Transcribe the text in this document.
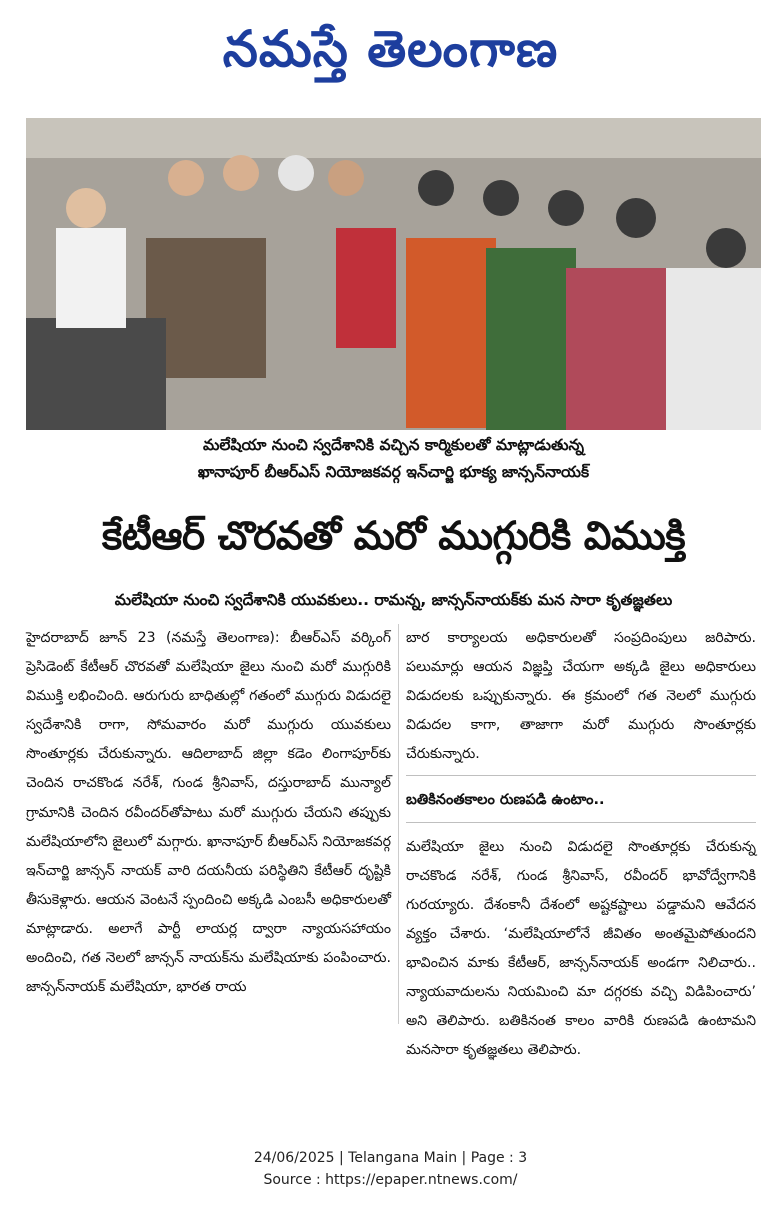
నమస్తే తెలంగాణ
మలేషియా నుంచి స్వదేశానికి వచ్చిన కార్మికులతో మాట్లాడుతున్న
ఖానాపూర్ బీఆర్ఎస్ నియోజకవర్గ ఇన్‌చార్జి భూక్య జాన్సన్‌నాయక్
కేటీఆర్ చొరవతో మరో ముగ్గురికి విముక్తి
మలేషియా నుంచి స్వదేశానికి యువకులు.. రామన్న, జాన్సన్‌నాయక్‌కు మన సారా కృతజ్ఞతలు

హైదరాబాద్ జూన్ 23 (నమస్తే తెలంగాణ): బీఆర్ఎస్ వర్కింగ్ ప్రెసిడెంట్ కేటీఆర్ చొరవతో మలేషియా జైలు నుంచి మరో ముగ్గురికి విముక్తి లభించింది. ఆరుగురు బాధితుల్లో గతంలో ముగ్గురు విడుదలై స్వదేశానికి రాగా, సోమవారం మరో ముగ్గురు యువకులు సొంతూర్లకు చేరుకున్నారు. ఆదిలాబాద్ జిల్లా కడెం లింగాపూర్‌కు చెందిన రాచకొండ నరేశ్, గుండ శ్రీనివాస్, దస్తురాబాద్ మున్యాల్ గ్రామానికి చెందిన రవీందర్‌తోపాటు మరో ముగ్గురు చేయని తప్పుకు మలేషియాలోని జైలులో మగ్గారు. ఖానాపూర్ బీఆర్ఎస్ నియోజకవర్గ ఇన్‌చార్జి జాన్సన్ నాయక్ వారి దయనీయ పరిస్థితిని కేటీఆర్ దృష్టికి తీసుకెళ్లారు. ఆయన వెంటనే స్పందించి అక్కడి ఎంబసీ అధికారులతో మాట్లాడారు. అలాగే పార్టీ లాయర్ల ద్వారా న్యాయసహాయం అందించి, గత నెలలో జాన్సన్ నాయక్‌ను మలేషియాకు పంపించారు. జాన్సన్‌నాయక్ మలేషియా, భారత రాయ

బార కార్యాలయ అధికారులతో సంప్రదింపులు జరిపారు. పలుమార్లు ఆయన విజ్ఞప్తి చేయగా అక్కడి జైలు అధికారులు విడుదలకు ఒప్పుకున్నారు. ఈ క్రమంలో గత నెలలో ముగ్గురు విడుదల కాగా, తాజాగా మరో ముగ్గురు సొంతూర్లకు చేరుకున్నారు.

బతికినంతకాలం రుణపడి ఉంటాం..

మలేషియా జైలు నుంచి విడుదలై సొంతూర్లకు చేరుకున్న రాచకొండ నరేశ్, గుండ శ్రీనివాస్, రవీందర్ భావోద్వేగానికి గురయ్యారు. దేశంకానీ దేశంలో అష్టకష్టాలు పడ్డామని ఆవేదన వ్యక్తం చేశారు. ‘మలేషియాలోనే జీవితం అంతమైపోతుందని భావించిన మాకు కేటీఆర్, జాన్సన్‌నాయక్ అండగా నిలిచారు.. న్యాయవాదులను నియమించి మా దగ్గరకు వచ్చి విడిపించారు’ అని తెలిపారు. బతికినంత కాలం వారికి రుణపడి ఉంటామని మనసారా కృతజ్ఞతలు తెలిపారు.

24/06/2025 | Telangana Main | Page : 3
Source : https://epaper.ntnews.com/
